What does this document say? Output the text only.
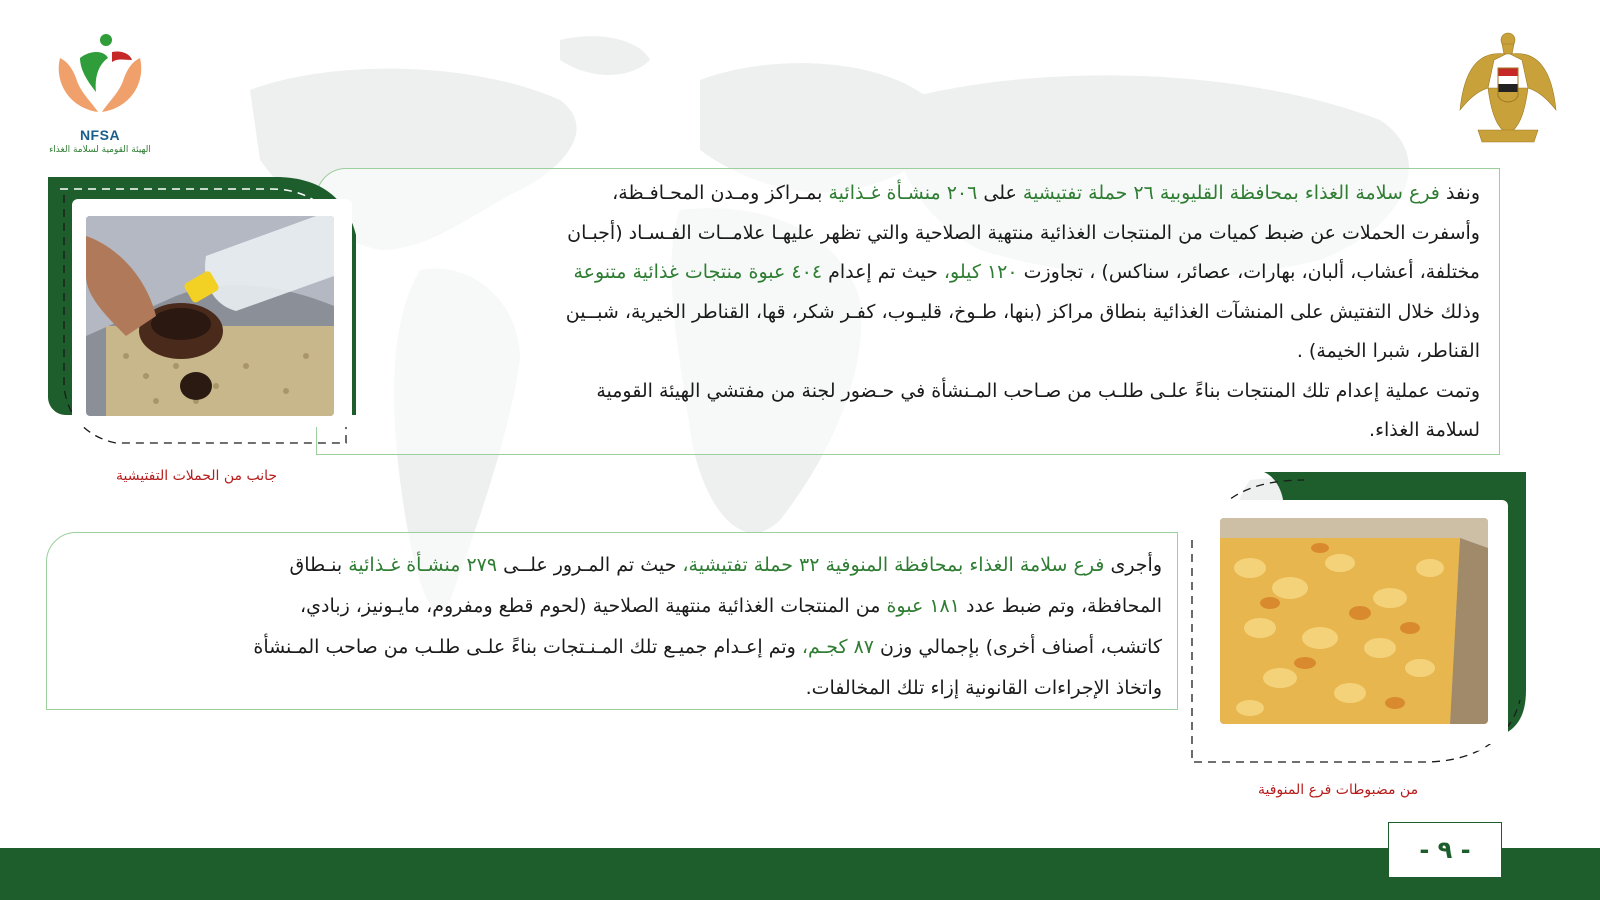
NFSA
الهيئة القومية لسلامة الغذاء

ونفذ فرع سلامة الغذاء بمحافظة القليوبية ٢٦ حملة تفتيشية على ٢٠٦ منشـأة غـذائية بمـراكز ومـدن المحـافـظة،

وأسفرت الحملات عن ضبط كميات من المنتجات الغذائية منتهية الصلاحية والتي تظهر عليهـا علامــات الفـسـاد (أجبـان

مختلفة، أعشاب، ألبان، بهارات، عصائر، سناكس) ، تجاوزت ١٢٠ كيلو، حيث تم إعدام ٤٠٤ عبوة منتجات غذائية متنوعة

وذلك خلال التفتيش على المنشآت الغذائية بنطاق مراكز (بنها، طـوخ، قليـوب، كفـر شكر، قها، القناطر الخيرية، شبــين

القناطر، شبرا الخيمة) .

وتمت عملية إعدام تلك المنتجات بناءً علـى طلـب من صـاحب المـنشأة في حـضور لجنة من مفتشي الهيئة القومية

لسلامة الغذاء.

جانب من الحملات التفتيشية

وأجرى فرع سلامة الغذاء بمحافظة المنوفية ٣٢ حملة تفتيشية، حيث تم المـرور علــى ٢٧٩ منشـأة غـذائية بنـطاق

المحافظة، وتم ضبط عدد ١٨١ عبوة من المنتجات الغذائية منتهية الصلاحية (لحوم قطع ومفروم، مايـونيز، زبادي،

كاتشب، أصناف أخرى) بإجمالي وزن ٨٧ كجـم، وتم إعـدام جميـع تلك المـنـتجات بناءً علـى طلـب من صاحب المـنشأة

واتخاذ الإجراءات القانونية إزاء تلك المخالفات.

من مضبوطات فرع المنوفية
- ٩ -
